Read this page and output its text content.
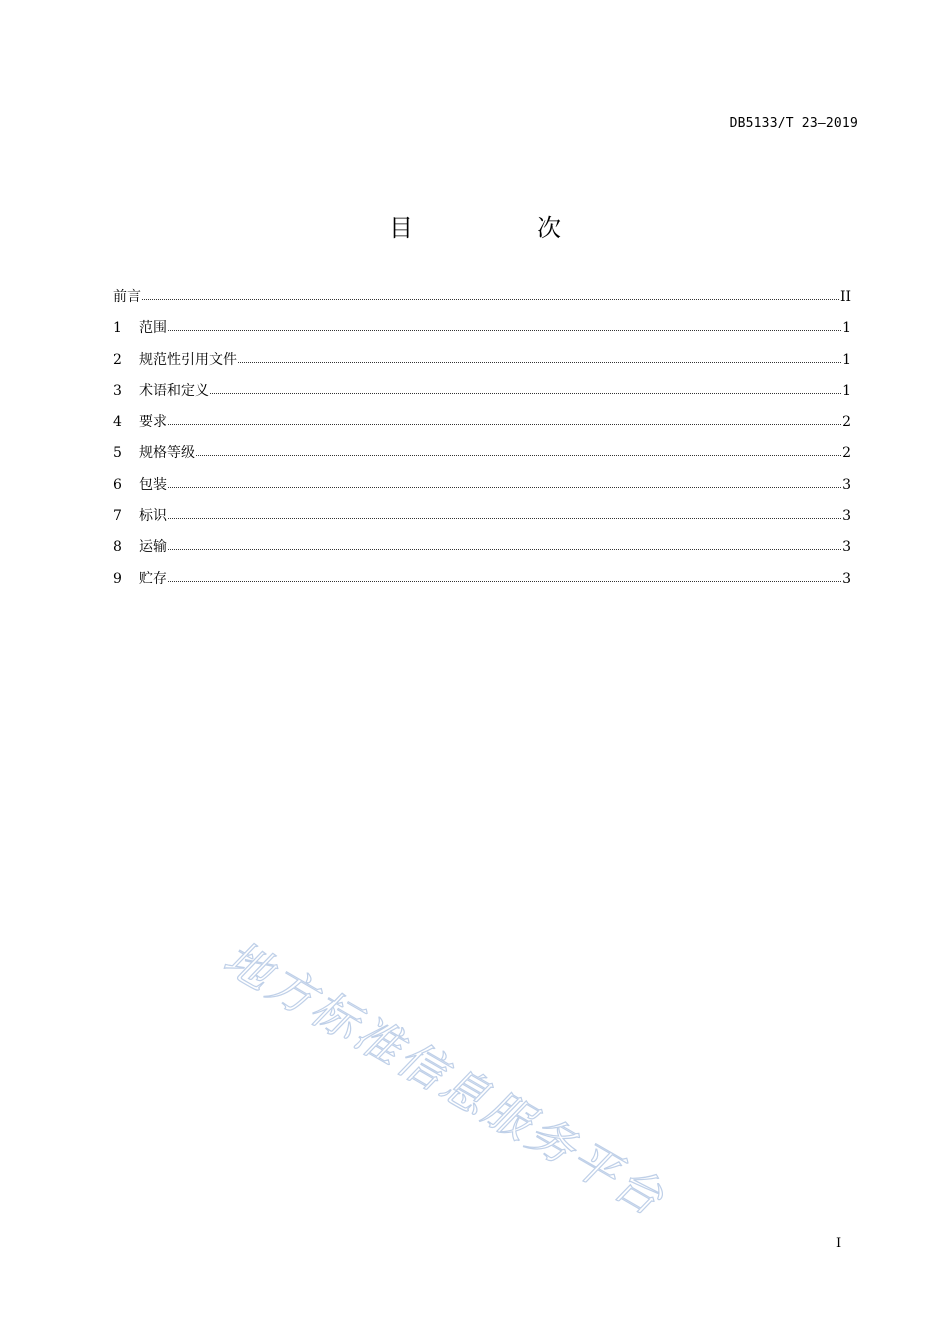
DB5133/T 23—2019
目　次
前言	II
1	范围	1
2	规范性引用文件	1
3	术语和定义	1
4	要求	2
5	规格等级	2
6	包装	3
7	标识	3
8	运输	3
9	贮存	3
地方标准信息服务平台
I
